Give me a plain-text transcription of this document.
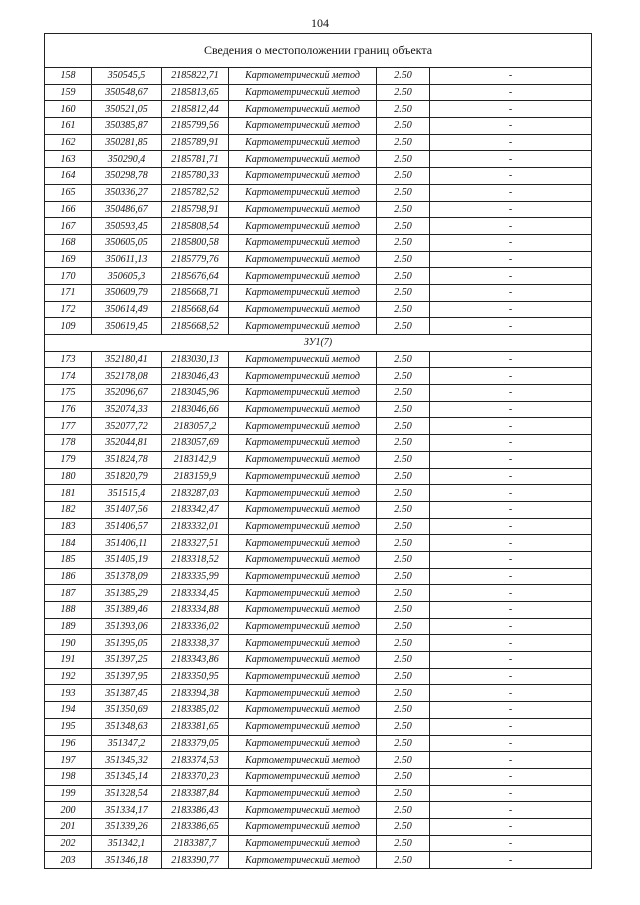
104
Сведения о местоположении границ объекта					
158	350545,5	2185822,71	Картометрический метод	2.50	-
159	350548,67	2185813,65	Картометрический метод	2.50	-
160	350521,05	2185812,44	Картометрический метод	2.50	-
161	350385,87	2185799,56	Картометрический метод	2.50	-
162	350281,85	2185789,91	Картометрический метод	2.50	-
163	350290,4	2185781,71	Картометрический метод	2.50	-
164	350298,78	2185780,33	Картометрический метод	2.50	-
165	350336,27	2185782,52	Картометрический метод	2.50	-
166	350486,67	2185798,91	Картометрический метод	2.50	-
167	350593,45	2185808,54	Картометрический метод	2.50	-
168	350605,05	2185800,58	Картометрический метод	2.50	-
169	350611,13	2185779,76	Картометрический метод	2.50	-
170	350605,3	2185676,64	Картометрический метод	2.50	-
171	350609,79	2185668,71	Картометрический метод	2.50	-
172	350614,49	2185668,64	Картометрический метод	2.50	-
109	350619,45	2185668,52	Картометрический метод	2.50	-
ЗУ1(7)					
173	352180,41	2183030,13	Картометрический метод	2.50	-
174	352178,08	2183046,43	Картометрический метод	2.50	-
175	352096,67	2183045,96	Картометрический метод	2.50	-
176	352074,33	2183046,66	Картометрический метод	2.50	-
177	352077,72	2183057,2	Картометрический метод	2.50	-
178	352044,81	2183057,69	Картометрический метод	2.50	-
179	351824,78	2183142,9	Картометрический метод	2.50	-
180	351820,79	2183159,9	Картометрический метод	2.50	-
181	351515,4	2183287,03	Картометрический метод	2.50	-
182	351407,56	2183342,47	Картометрический метод	2.50	-
183	351406,57	2183332,01	Картометрический метод	2.50	-
184	351406,11	2183327,51	Картометрический метод	2.50	-
185	351405,19	2183318,52	Картометрический метод	2.50	-
186	351378,09	2183335,99	Картометрический метод	2.50	-
187	351385,29	2183334,45	Картометрический метод	2.50	-
188	351389,46	2183334,88	Картометрический метод	2.50	-
189	351393,06	2183336,02	Картометрический метод	2.50	-
190	351395,05	2183338,37	Картометрический метод	2.50	-
191	351397,25	2183343,86	Картометрический метод	2.50	-
192	351397,95	2183350,95	Картометрический метод	2.50	-
193	351387,45	2183394,38	Картометрический метод	2.50	-
194	351350,69	2183385,02	Картометрический метод	2.50	-
195	351348,63	2183381,65	Картометрический метод	2.50	-
196	351347,2	2183379,05	Картометрический метод	2.50	-
197	351345,32	2183374,53	Картометрический метод	2.50	-
198	351345,14	2183370,23	Картометрический метод	2.50	-
199	351328,54	2183387,84	Картометрический метод	2.50	-
200	351334,17	2183386,43	Картометрический метод	2.50	-
201	351339,26	2183386,65	Картометрический метод	2.50	-
202	351342,1	2183387,7	Картометрический метод	2.50	-
203	351346,18	2183390,77	Картометрический метод	2.50	-
